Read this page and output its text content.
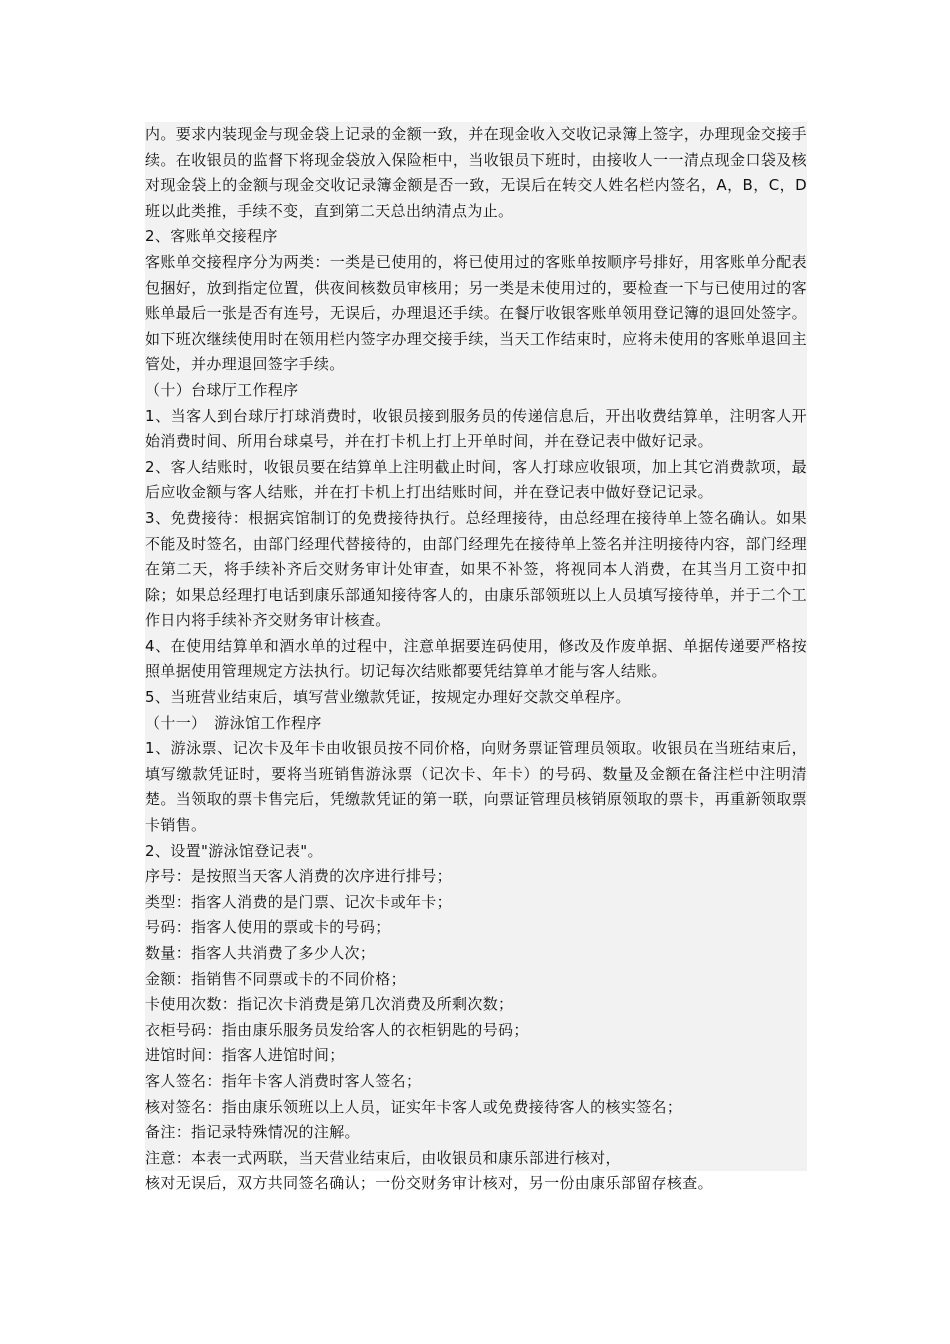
内。要求内装现金与现金袋上记录的金额一致，并在现金收入交收记录簿上签字，办理现金交接手续。在收银员的监督下将现金袋放入保险柜中，当收银员下班时，由接收人一一清点现金口袋及核对现金袋上的金额与现金交收记录簿金额是否一致，无误后在转交人姓名栏内签名，A，B，C，D 班以此类推，手续不变，直到第二天总出纳清点为止。

2、客账单交接程序

客账单交接程序分为两类：一类是已使用的，将已使用过的客账单按顺序号排好，用客账单分配表包捆好，放到指定位置，供夜间核数员审核用；另一类是未使用过的，要检查一下与已使用过的客账单最后一张是否有连号，无误后，办理退还手续。在餐厅收银客账单领用登记簿的退回处签字。如下班次继续使用时在领用栏内签字办理交接手续，当天工作结束时，应将未使用的客账单退回主管处，并办理退回签字手续。

（十）台球厅工作程序

1、当客人到台球厅打球消费时，收银员接到服务员的传递信息后，开出收费结算单，注明客人开始消费时间、所用台球桌号，并在打卡机上打上开单时间，并在登记表中做好记录。

2、客人结账时，收银员要在结算单上注明截止时间，客人打球应收银项，加上其它消费款项，最后应收金额与客人结账，并在打卡机上打出结账时间，并在登记表中做好登记记录。

3、免费接待：根据宾馆制订的免费接待执行。总经理接待，由总经理在接待单上签名确认。如果不能及时签名，由部门经理代替接待的，由部门经理先在接待单上签名并注明接待内容，部门经理在第二天，将手续补齐后交财务审计处审查，如果不补签，将视同本人消费，在其当月工资中扣除；如果总经理打电话到康乐部通知接待客人的，由康乐部领班以上人员填写接待单，并于二个工作日内将手续补齐交财务审计核查。

4、在使用结算单和酒水单的过程中，注意单据要连码使用，修改及作废单据、单据传递要严格按照单据使用管理规定方法执行。切记每次结账都要凭结算单才能与客人结账。

5、当班营业结束后，填写营业缴款凭证，按规定办理好交款交单程序。

（十一）　游泳馆工作程序

1、游泳票、记次卡及年卡由收银员按不同价格，向财务票证管理员领取。收银员在当班结束后，填写缴款凭证时，要将当班销售游泳票（记次卡、年卡）的号码、数量及金额在备注栏中注明清楚。当领取的票卡售完后，凭缴款凭证的第一联，向票证管理员核销原领取的票卡，再重新领取票卡销售。

2、设置"游泳馆登记表"。

序号：是按照当天客人消费的次序进行排号；

类型：指客人消费的是门票、记次卡或年卡；

号码：指客人使用的票或卡的号码；

数量：指客人共消费了多少人次；

金额：指销售不同票或卡的不同价格；

卡使用次数：指记次卡消费是第几次消费及所剩次数；

衣柜号码：指由康乐服务员发给客人的衣柜钥匙的号码；

进馆时间：指客人进馆时间；

客人签名：指年卡客人消费时客人签名；

核对签名：指由康乐领班以上人员，证实年卡客人或免费接待客人的核实签名；

备注：指记录特殊情况的注解。

注意：本表一式两联，当天营业结束后，由收银员和康乐部进行核对，

核对无误后，双方共同签名确认；一份交财务审计核对，另一份由康乐部留存核查。
